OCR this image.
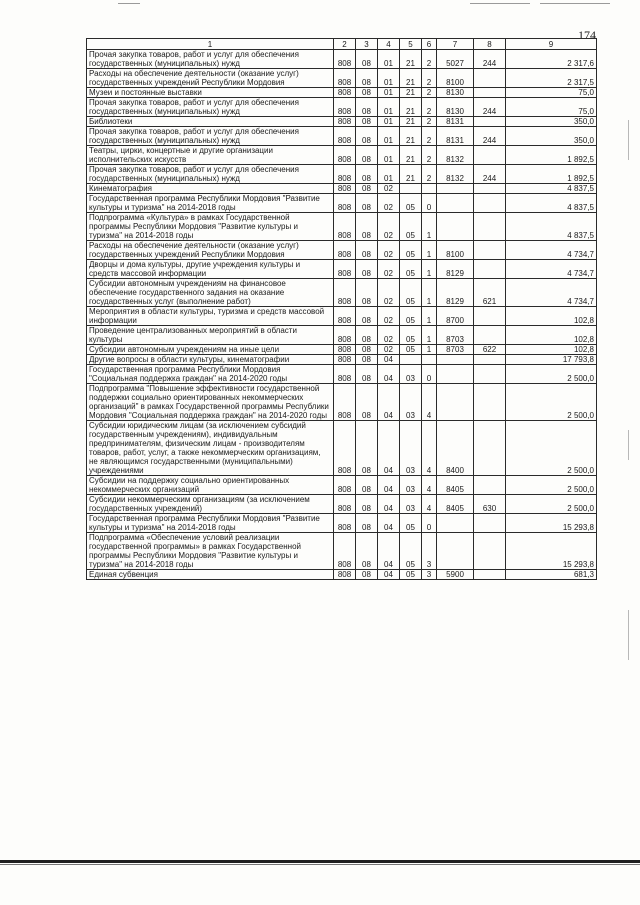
174
1	2	3	4	5	6	7	8	9
Прочая закупка товаров, работ и услуг для обеспечения государственных (муниципальных) нужд	808	08	01	21	2	5027	244	2 317,6
Расходы на обеспечение деятельности (оказание услуг) государственных учреждений Республики Мордовия	808	08	01	21	2	8100		2 317,5
Музеи и постоянные выставки	808	08	01	21	2	8130		75,0
Прочая закупка товаров, работ и услуг для обеспечения государственных (муниципальных) нужд	808	08	01	21	2	8130	244	75,0
Библиотеки	808	08	01	21	2	8131		350,0
Прочая закупка товаров, работ и услуг для обеспечения государственных (муниципальных) нужд	808	08	01	21	2	8131	244	350,0
Театры, цирки, концертные и другие организации исполнительских искусств	808	08	01	21	2	8132		1 892,5
Прочая закупка товаров, работ и услуг для обеспечения государственных (муниципальных) нужд	808	08	01	21	2	8132	244	1 892,5
Кинематография	808	08	02					4 837,5
Государственная программа Республики Мордовия "Развитие культуры и туризма" на 2014-2018 годы	808	08	02	05	0			4 837,5
Подпрограмма «Культура» в рамках Государственной программы Республики Мордовия "Развитие культуры и туризма" на 2014-2018 годы	808	08	02	05	1			4 837,5
Расходы на обеспечение деятельности (оказание услуг) государственных учреждений Республики Мордовия	808	08	02	05	1	8100		4 734,7
Дворцы и дома культуры, другие учреждения культуры и средств массовой информации	808	08	02	05	1	8129		4 734,7
Субсидии автономным учреждениям на финансовое обеспечение государственного задания на оказание государственных услуг (выполнение работ)	808	08	02	05	1	8129	621	4 734,7
Мероприятия в области культуры, туризма и средств массовой информации	808	08	02	05	1	8700		102,8
Проведение централизованных мероприятий в области культуры	808	08	02	05	1	8703		102,8
Субсидии автономным учреждениям на иные цели	808	08	02	05	1	8703	622	102,8
Другие вопросы в области культуры, кинематографии	808	08	04					17 793,8
Государственная программа Республики Мордовия "Социальная поддержка граждан" на 2014-2020 годы	808	08	04	03	0			2 500,0
Подпрограмма "Повышение эффективности государственной поддержки социально ориентированных некоммерческих организаций" в рамках Государственной программы Республики Мордовия "Социальная поддержка граждан" на 2014-2020 годы	808	08	04	03	4			2 500,0
Субсидии юридическим лицам (за исключением субсидий государственным учреждениям), индивидуальным предпринимателям, физическим лицам - производителям товаров, работ, услуг, а также некоммерческим организациям, не являющимся государственными (муниципальными) учреждениями	808	08	04	03	4	8400		2 500,0
Субсидии на поддержку социально ориентированных некоммерческих организаций	808	08	04	03	4	8405		2 500,0
Субсидии некоммерческим организациям (за исключением государственных учреждений)	808	08	04	03	4	8405	630	2 500,0
Государственная программа Республики Мордовия "Развитие культуры и туризма" на 2014-2018 годы	808	08	04	05	0			15 293,8
Подпрограмма «Обеспечение условий реализации государственной программы» в рамках Государственной программы Республики Мордовия "Развитие культуры и туризма" на 2014-2018 годы	808	08	04	05	3			15 293,8
Единая субвенция	808	08	04	05	3	5900		681,3
